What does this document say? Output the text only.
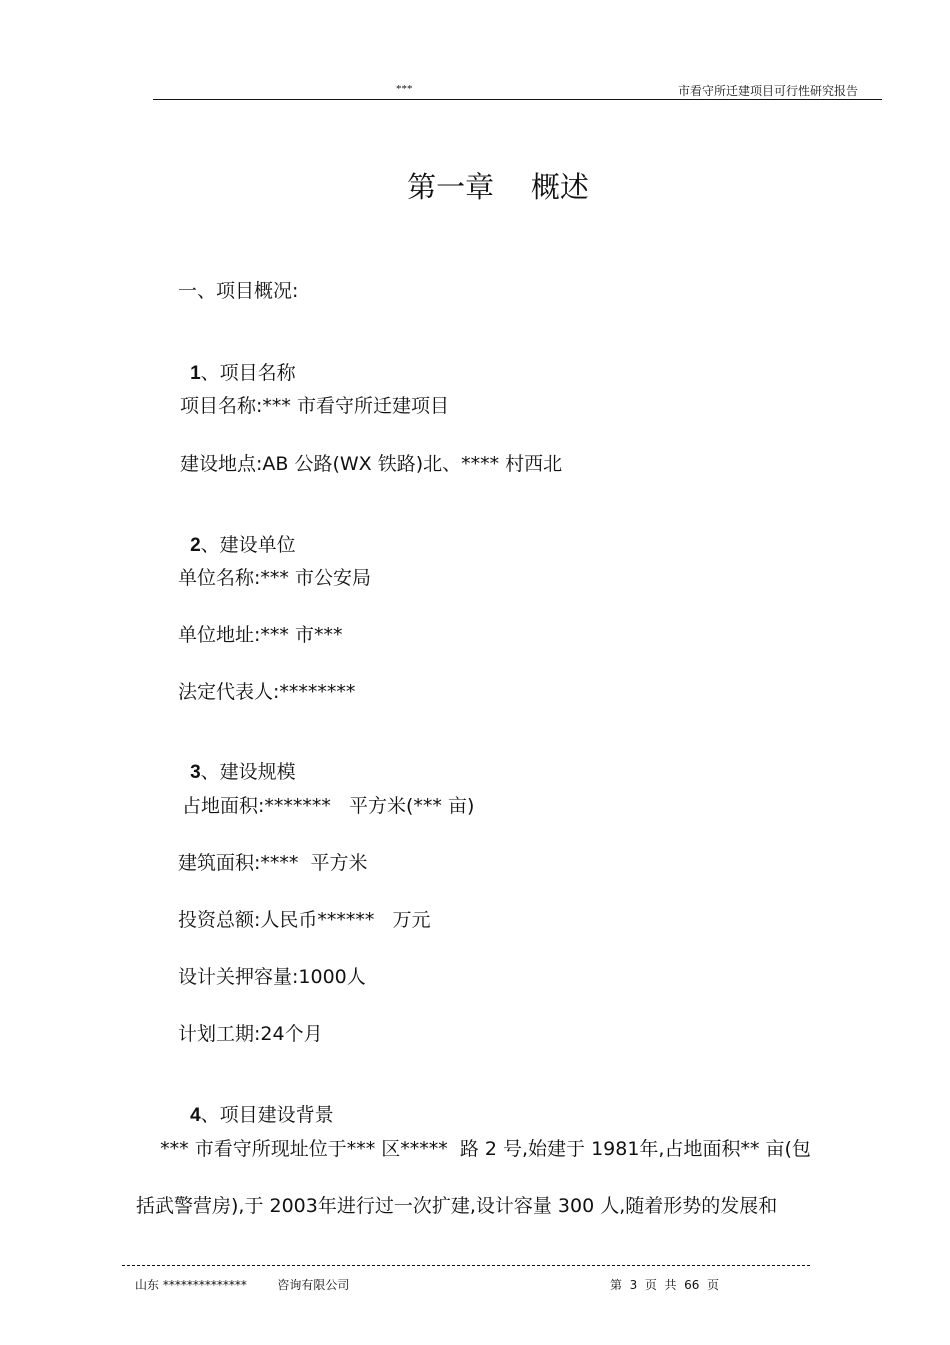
***	市看守所迁建项目可行性研究报告
第一章    概述
一、项目概况:

1、项目名称

项目名称:*** 市看守所迁建项目
建设地点:AB 公路(WX 铁路)北、**** 村西北

2、建设单位

单位名称:*** 市公安局
单位地址:*** 市***
法定代表人:********

3、建设规模

占地面积:*******   平方米(*** 亩)
建筑面积:****  平方米
投资总额:人民币******   万元
设计关押容量:1000人
计划工期:24个月

4、项目建设背景

*** 市看守所现址位于*** 区*****  路 2 号,始建于 1981年,占地面积** 亩(包
括武警营房),于 2003年进行过一次扩建,设计容量 300 人,随着形势的发展和
山东 **************        咨询有限公司	第  3  页  共  66  页
